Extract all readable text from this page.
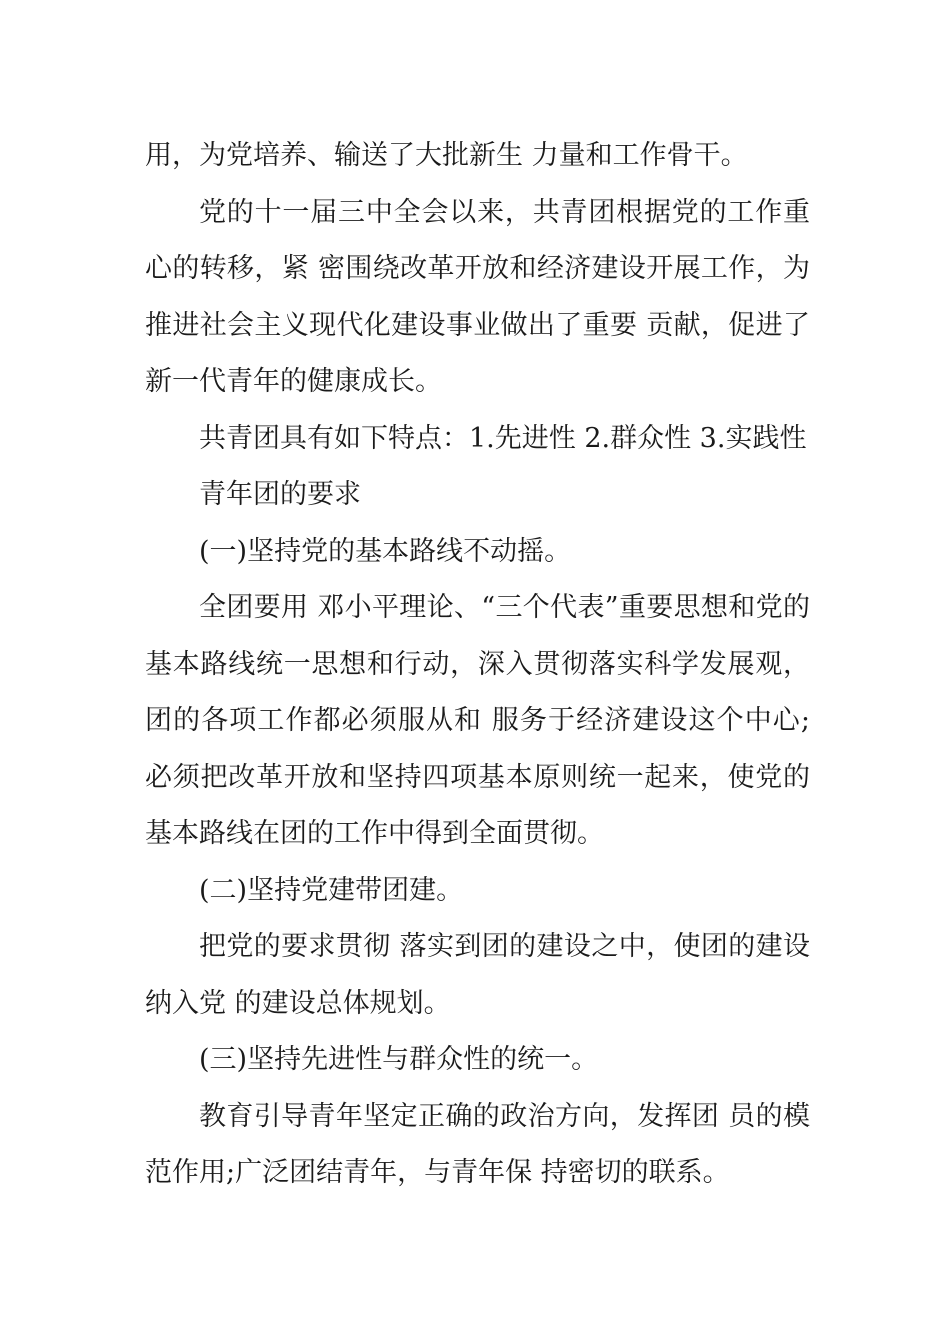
用，为党培养、输送了大批新生 力量和工作骨干。

党的十一届三中全会以来，共青团根据党的工作重心的转移，紧 密围绕改革开放和经济建设开展工作，为推进社会主义现代化建设事业做出了重要 贡献，促进了新一代青年的健康成长。

共青团具有如下特点：1.先进性 2.群众性 3.实践性

青年团的要求

(一)坚持党的基本路线不动摇。

全团要用 邓小平理论、“三个代表”重要思想和党的基本路线统一思想和行动，深入贯彻落实科学发展观，团的各项工作都必须服从和 服务于经济建设这个中心;必须把改革开放和坚持四项基本原则统一起来，使党的 基本路线在团的工作中得到全面贯彻。

(二)坚持党建带团建。

把党的要求贯彻 落实到团的建设之中，使团的建设纳入党 的建设总体规划。

(三)坚持先进性与群众性的统一。

教育引导青年坚定正确的政治方向，发挥团 员的模范作用;广泛团结青年，与青年保 持密切的联系。
